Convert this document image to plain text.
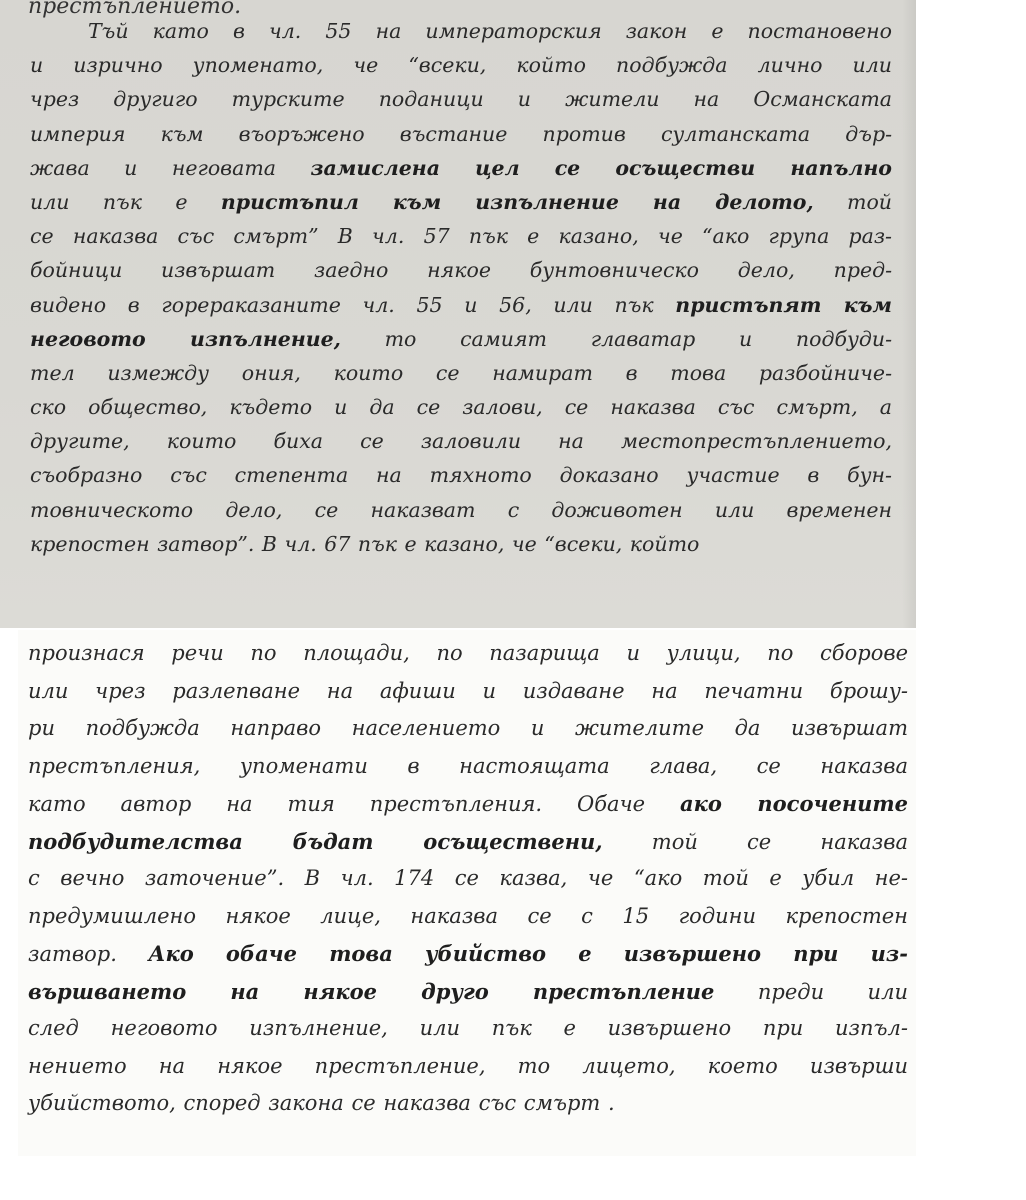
престъплението.
Тъй като в чл. 55 на императорския закон е постановено
и изрично упоменато, че “всеки, който подбужда лично или
чрез другиго турските поданици и жители на Османската
империя към въоръжено въстание против султанската дър-
жава и неговата замислена цел се осъществи напълно
или пък е пристъпил към изпълнение на делото, той
се наказва със смърт” В чл. 57 пък е казано, че “ако група раз-
бойници извършат заедно някое бунтовническо дело, пред-
видено в горераказаните чл. 55 и 56, или пък пристъпят към
неговото изпълнение, то самият главатар и подбуди-
тел измежду ония, които се намират в това разбойниче-
ско общество, където и да се залови, се наказва със смърт, а
другите, които биха се заловили на местопрестъплението,
съобразно със степента на тяхното доказано участие в бун-
товническото дело, се наказват с доживотен или временен
крепостен затвор”. В чл. 67 пък е казано, че “всеки, който
произнася речи по площади, по пазарища и улици, по сборове
или чрез разлепване на афиши и издаване на печатни брошу-
ри подбужда направо населението и жителите да извършат
престъпления, упоменати в настоящата глава, се наказва
като автор на тия престъпления. Обаче ако посочените
подбудителства бъдат осъществени, той се наказва
с вечно заточение”. В чл. 174 се казва, че “ако той е убил не-
предумишлено някое лице, наказва се с 15 години крепостен
затвор. Ако обаче това убийство е извършено при из-
вършването на някое друго престъпление преди или
след неговото изпълнение, или пък е извършено при изпъл-
нението на някое престъпление, то лицето, което извърши
убийството, според закона се наказва със смърт .
